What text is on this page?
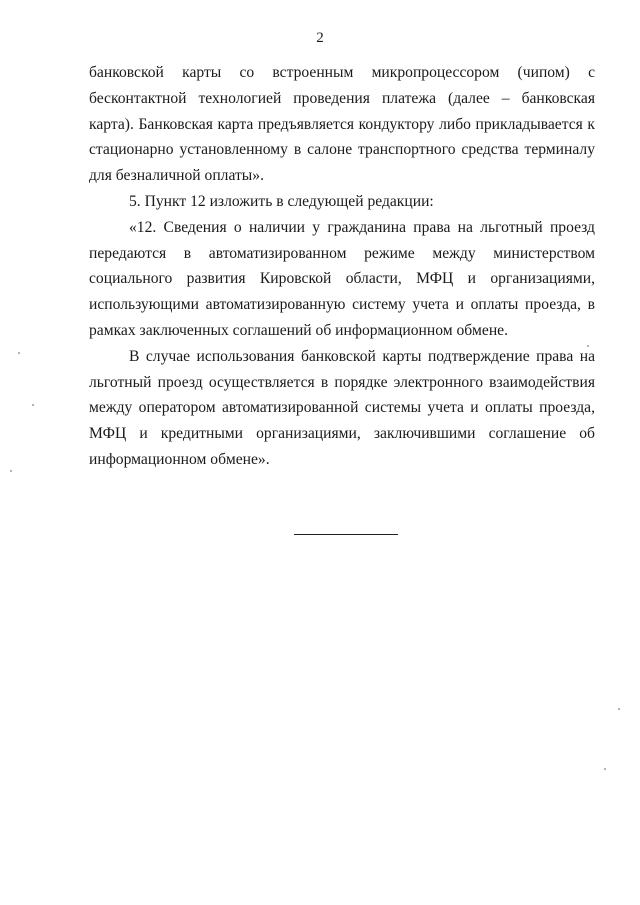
2

банковской карты со встроенным микропроцессором (чипом) с бесконтактной технологией проведения платежа (далее – банковская карта). Банковская карта предъявляется кондуктору либо прикладывается к стационарно установленному в салоне транспортного средства терминалу для безналичной оплаты».

5. Пункт 12 изложить в следующей редакции:

«12. Сведения о наличии у гражданина права на льготный проезд передаются в автоматизированном режиме между министерством социального развития Кировской области, МФЦ и организациями, использующими автоматизированную систему учета и оплаты проезда, в рамках заключенных соглашений об информационном обмене.

В случае использования банковской карты подтверждение права на льготный проезд осуществляется в порядке электронного взаимодействия между оператором автоматизированной системы учета и оплаты проезда, МФЦ и кредитными организациями, заключившими соглашение об информационном обмене».
